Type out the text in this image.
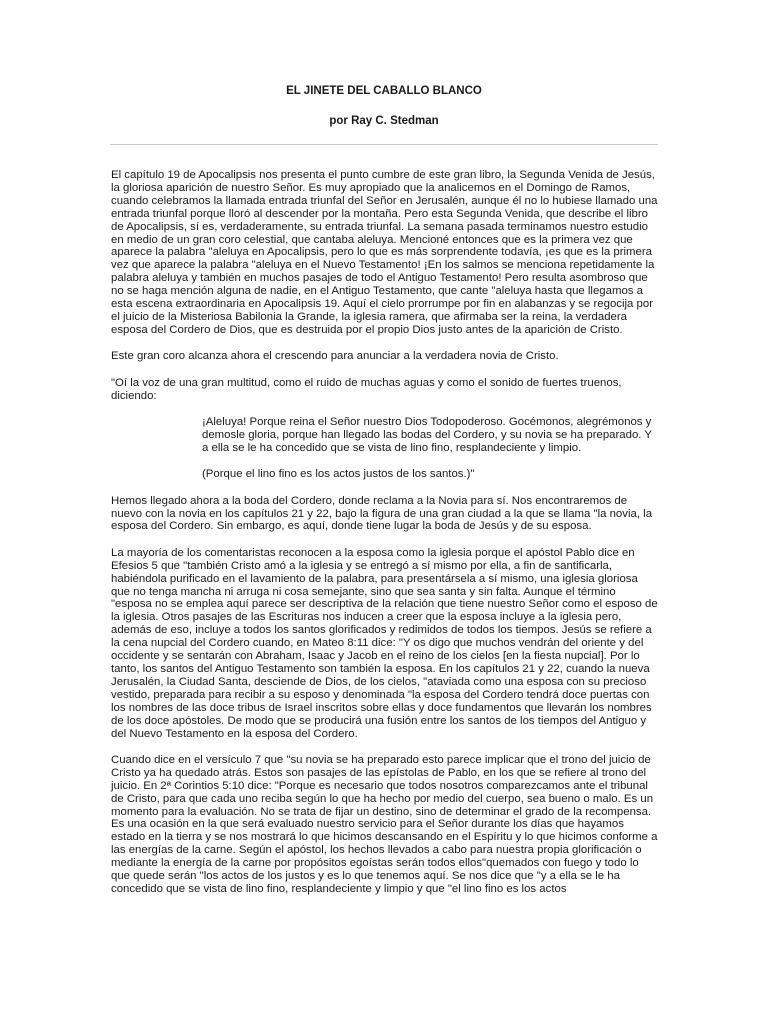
EL JINETE DEL CABALLO BLANCO
por Ray C. Stedman

El capítulo 19 de Apocalipsis nos presenta el punto cumbre de este gran libro, la Segunda Venida de Jesús, la gloriosa aparición de nuestro Señor. Es muy apropiado que la analicemos en el Domingo de Ramos, cuando celebramos la llamada entrada triunfal del Señor en Jerusalén, aunque él no lo hubiese llamado una entrada triunfal porque lloró al descender por la montaña. Pero esta Segunda Venida, que describe el libro de Apocalipsis, sí es, verdaderamente, su entrada triunfal. La semana pasada terminamos nuestro estudio en medio de un gran coro celestial, que cantaba aleluya. Mencioné entonces que es la primera vez que aparece la palabra "aleluya en Apocalipsis, pero lo que es más sorprendente todavía, ¡es que es la primera vez que aparece la palabra "aleluya en el Nuevo Testamento! ¡En los salmos se menciona repetidamente la palabra aleluya y también en muchos pasajes de todo el Antiguo Testamento! Pero resulta asombroso que no se haga mención alguna de nadie, en el Antiguo Testamento, que cante "aleluya hasta que llegamos a esta escena extraordinaria en Apocalipsis 19. Aquí el cielo prorrumpe por fin en alabanzas y se regocija por el juicio de la Misteriosa Babilonia la Grande, la iglesia ramera, que afirmaba ser la reina, la verdadera esposa del Cordero de Dios, que es destruida por el propio Dios justo antes de la aparición de Cristo.

Este gran coro alcanza ahora el crescendo para anunciar a la verdadera novia de Cristo.

"Oí la voz de una gran multitud, como el ruido de muchas aguas y como el sonido de fuertes truenos, diciendo:

¡Aleluya! Porque reina el Señor nuestro Dios Todopoderoso. Gocémonos, alegrémonos y demosle gloria, porque han llegado las bodas del Cordero, y su novia se ha preparado. Y a ella se le ha concedido que se vista de lino fino, resplandeciente y limpio.
(Porque el lino fino es los actos justos de los santos.)"

Hemos llegado ahora a la boda del Cordero, donde reclama a la Novia para sí. Nos encontraremos de nuevo con la novia en los capítulos 21 y 22, bajo la figura de una gran ciudad a la que se llama "la novia, la esposa del Cordero. Sin embargo, es aquí, donde tiene lugar la boda de Jesús y de su esposa.

La mayoría de los comentaristas reconocen a la esposa como la iglesia porque el apóstol Pablo dice en Efesios 5 que "también Cristo amó a la iglesia y se entregó a sí mismo por ella, a fin de santificarla, habiéndola purificado en el lavamiento de la palabra, para presentársela a sí mismo, una iglesia gloriosa que no tenga mancha ni arruga ni cosa semejante, sino que sea santa y sin falta. Aunque el término "esposa no se emplea aquí parece ser descriptiva de la relación que tiene nuestro Señor como el esposo de la iglesia. Otros pasajes de las Escrituras nos inducen a creer que la esposa incluye a la iglesia pero, además de eso, incluye a todos los santos glorificados y redimidos de todos los tiempos. Jesús se refiere a la cena nupcial del Cordero cuando, en Mateo 8:11 dice: "Y os digo que muchos vendrán del oriente y del occidente y se sentarán con Abraham, Isaac y Jacob en el reino de los cielos [en la fiesta nupcial]. Por lo tanto, los santos del Antiguo Testamento son también la esposa. En los capítulos 21 y 22, cuando la nueva Jerusalén, la Ciudad Santa, desciende de Dios, de los cielos, "ataviada como una esposa con su precioso vestido, preparada para recibir a su esposo y denominada "la esposa del Cordero tendrá doce puertas con los nombres de las doce tribus de Israel inscritos sobre ellas y doce fundamentos que llevarán los nombres de los doce apóstoles. De modo que se producirá una fusión entre los santos de los tiempos del Antiguo y del Nuevo Testamento en la esposa del Cordero.

Cuando dice en el versículo 7 que "su novia se ha preparado esto parece implicar que el trono del juicio de Cristo ya ha quedado atrás. Estos son pasajes de las epístolas de Pablo, en los que se refiere al trono del juicio. En 2ª Corintios 5:10 dice: "Porque es necesario que todos nosotros comparezcamos ante el tribunal de Cristo, para que cada uno reciba según lo que ha hecho por medio del cuerpo, sea bueno o malo. Es un momento para la evaluación. No se trata de fijar un destino, sino de determinar el grado de la recompensa. Es una ocasión en la que será evaluado nuestro servicio para el Señor durante los días que hayamos estado en la tierra y se nos mostrará lo que hicimos descansando en el Espíritu y lo que hicimos conforme a las energías de la carne. Según el apóstol, los hechos llevados a cabo para nuestra propia glorificación o mediante la energía de la carne por propósitos egoístas serán todos ellos"quemados con fuego y todo lo que quede serán "los actos de los justos y es lo que tenemos aquí. Se nos dice que "y a ella se le ha concedido que se vista de lino fino, resplandeciente y limpio y que "el lino fino es los actos
